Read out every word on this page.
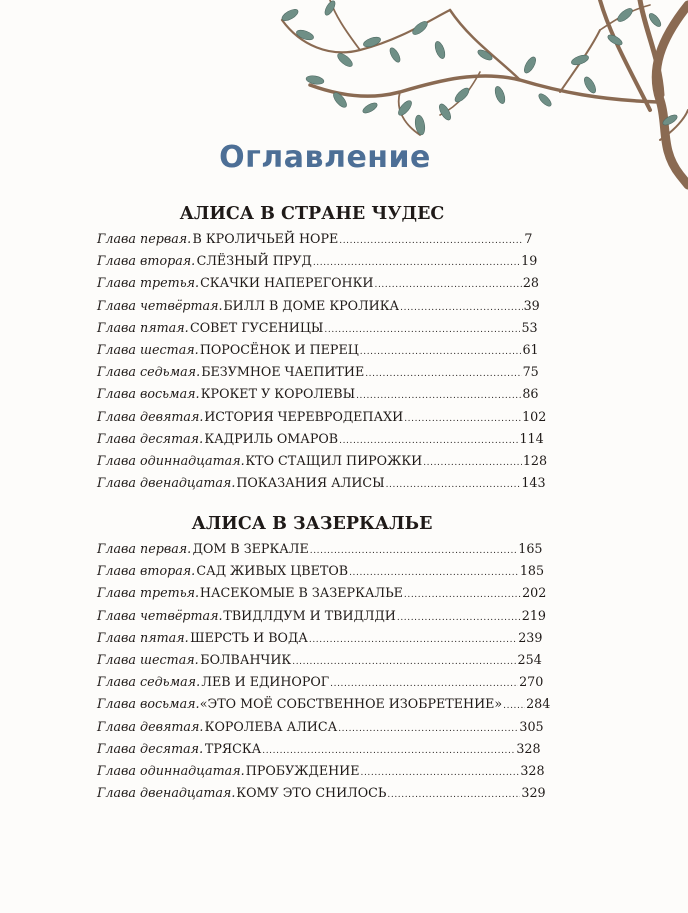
Оглавление
АЛИСА В СТРАНЕ ЧУДЕС
Глава первая. В КРОЛИЧЬЕЙ НОРЕ .....	7
Глава вторая. СЛЁЗНЫЙ ПРУД .....	19
Глава третья. СКАЧКИ НАПЕРЕГОНКИ .....	28
Глава четвёртая. БИЛЛ В ДОМЕ КРОЛИКА .....	39
Глава пятая. СОВЕТ ГУСЕНИЦЫ .....	53
Глава шестая. ПОРОСЁНОК И ПЕРЕЦ .....	61
Глава седьмая. БЕЗУМНОЕ ЧАЕПИТИЕ .....	75
Глава восьмая. КРОКЕТ У КОРОЛЕВЫ .....	86
Глава девятая. ИСТОРИЯ ЧЕРЕВРОДЕПАХИ .....	102
Глава десятая. КАДРИЛЬ ОМАРОВ .....	114
Глава одиннадцатая. КТО СТАЩИЛ ПИРОЖКИ .....	128
Глава двенадцатая. ПОКАЗАНИЯ АЛИСЫ .....	143
АЛИСА В ЗАЗЕРКАЛЬЕ
Глава первая. ДОМ В ЗЕРКАЛЕ .....	165
Глава вторая. САД ЖИВЫХ ЦВЕТОВ .....	185
Глава третья. НАСЕКОМЫЕ В ЗАЗЕРКАЛЬЕ .....	202
Глава четвёртая. ТВИДЛДУМ И ТВИДЛДИ .....	219
Глава пятая. ШЕРСТЬ И ВОДА .....	239
Глава шестая. БОЛВАНЧИК .....	254
Глава седьмая. ЛЕВ И ЕДИНОРОГ .....	270
Глава восьмая. «ЭТО МОЁ СОБСТВЕННОЕ ИЗОБРЕТЕНИЕ» ..... 284
Глава девятая. КОРОЛЕВА АЛИСА .....	305
Глава десятая. ТРЯСКА .....	328
Глава одиннадцатая. ПРОБУЖДЕНИЕ .....	328
Глава двенадцатая. КОМУ ЭТО СНИЛОСЬ .....	329
